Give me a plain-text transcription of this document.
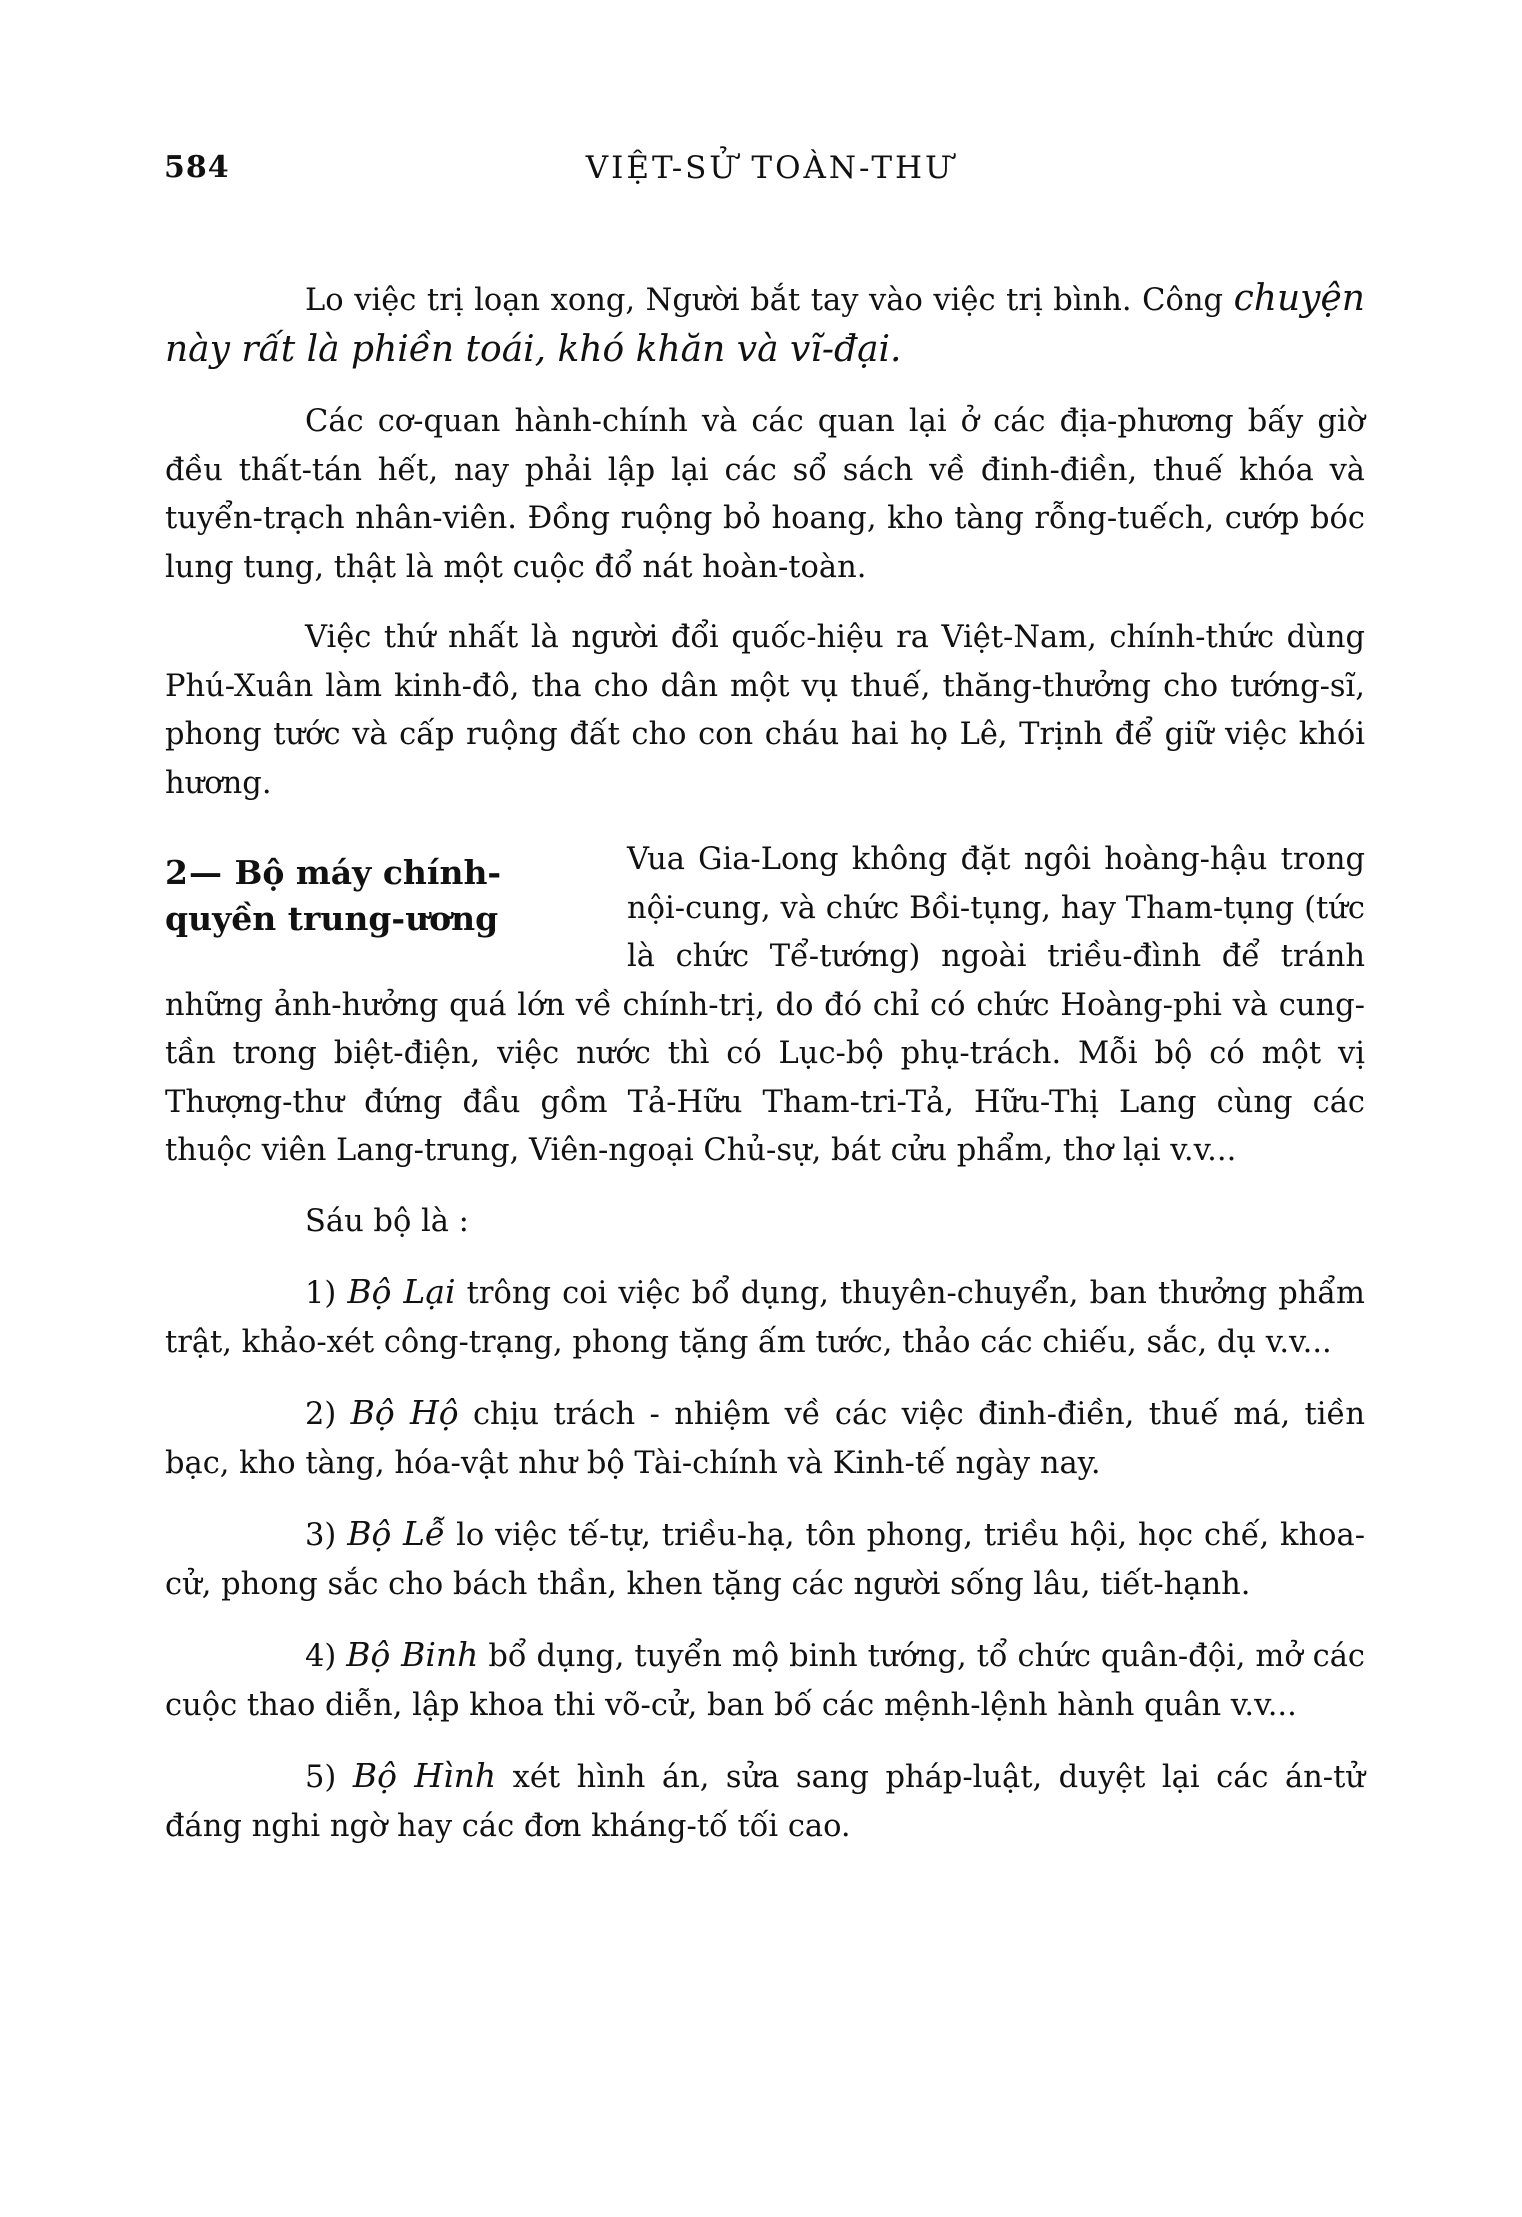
584	VIỆT-SỬ TOÀN-THƯ

Lo việc trị loạn xong, Người bắt tay vào việc trị bình. Công chuyện này rất là phiền toái, khó khăn và vĩ-đại.

Các cơ-quan hành-chính và các quan lại ở các địa-phương bấy giờ đều thất-tán hết, nay phải lập lại các sổ sách về đinh-điền, thuế khóa và tuyển-trạch nhân-viên. Đồng ruộng bỏ hoang, kho tàng rỗng-tuếch, cướp bóc lung tung, thật là một cuộc đổ nát hoàn-toàn.

Việc thứ nhất là người đổi quốc-hiệu ra Việt-Nam, chính-thức dùng Phú-Xuân làm kinh-đô, tha cho dân một vụ thuế, thăng-thưởng cho tướng-sĩ, phong tước và cấp ruộng đất cho con cháu hai họ Lê, Trịnh để giữ việc khói hương.

2— Bộ máy chính-quyền trung-ương

Vua Gia-Long không đặt ngôi hoàng-hậu trong nội-cung, và chức Bồi-tụng, hay Tham-tụng (tức là chức Tể-tướng) ngoài triều-đình để tránh những ảnh-hưởng quá lớn về chính-trị, do đó chỉ có chức Hoàng-phi và cung-tần trong biệt-điện, việc nước thì có Lục-bộ phụ-trách. Mỗi bộ có một vị Thượng-thư đứng đầu gồm Tả-Hữu Tham-tri-Tả, Hữu-Thị Lang cùng các thuộc viên Lang-trung, Viên-ngoại Chủ-sự, bát cửu phẩm, thơ lại v.v...

Sáu bộ là :

1) Bộ Lại trông coi việc bổ dụng, thuyên-chuyển, ban thưởng phẩm trật, khảo-xét công-trạng, phong tặng ấm tước, thảo các chiếu, sắc, dụ v.v...

2) Bộ Hộ chịu trách - nhiệm về các việc đinh-điền, thuế má, tiền bạc, kho tàng, hóa-vật như bộ Tài-chính và Kinh-tế ngày nay.

3) Bộ Lễ lo việc tế-tự, triều-hạ, tôn phong, triều hội, học chế, khoa-cử, phong sắc cho bách thần, khen tặng các người sống lâu, tiết-hạnh.

4) Bộ Binh bổ dụng, tuyển mộ binh tướng, tổ chức quân-đội, mở các cuộc thao diễn, lập khoa thi võ-cử, ban bố các mệnh-lệnh hành quân v.v...

5) Bộ Hình xét hình án, sửa sang pháp-luật, duyệt lại các án-tử đáng nghi ngờ hay các đơn kháng-tố tối cao.
